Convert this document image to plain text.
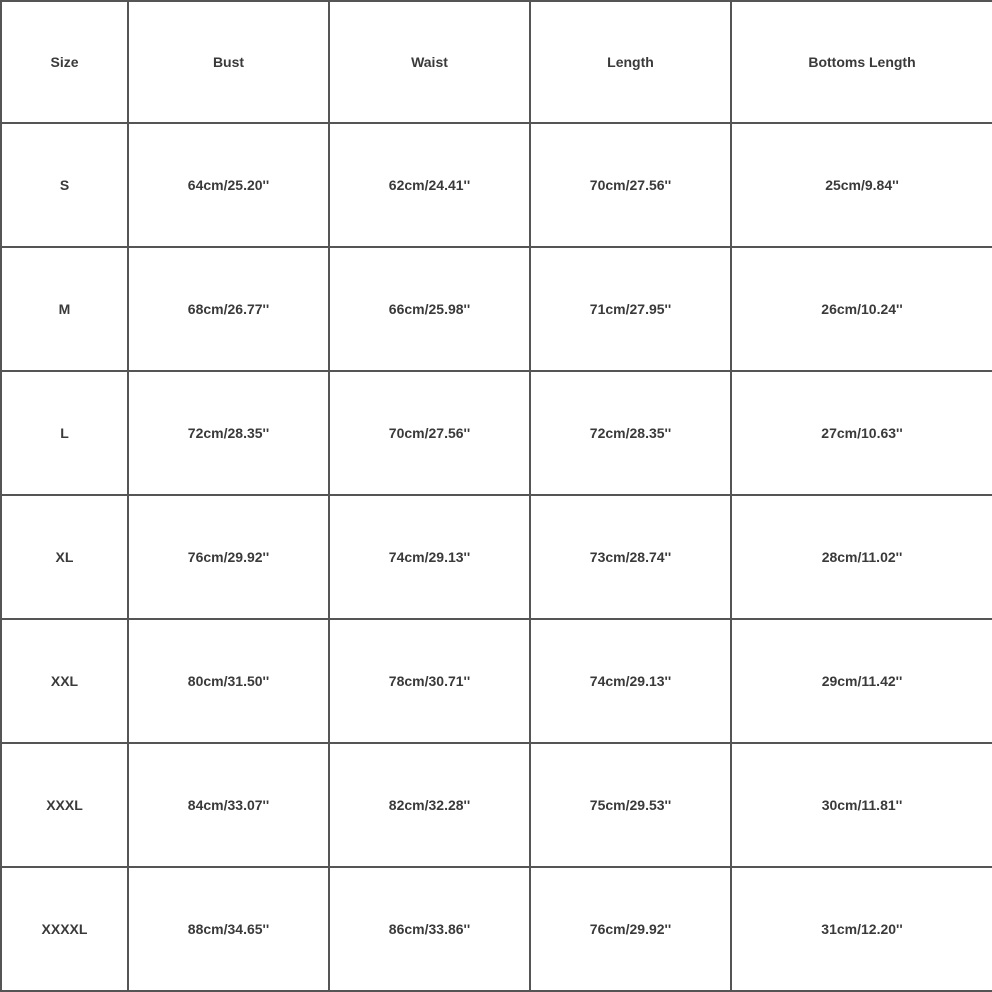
Size	Bust	Waist	Length	Bottoms Length
S	64cm/25.20''	62cm/24.41''	70cm/27.56''	25cm/9.84''
M	68cm/26.77''	66cm/25.98''	71cm/27.95''	26cm/10.24''
L	72cm/28.35''	70cm/27.56''	72cm/28.35''	27cm/10.63''
XL	76cm/29.92''	74cm/29.13''	73cm/28.74''	28cm/11.02''
XXL	80cm/31.50''	78cm/30.71''	74cm/29.13''	29cm/11.42''
XXXL	84cm/33.07''	82cm/32.28''	75cm/29.53''	30cm/11.81''
XXXXL	88cm/34.65''	86cm/33.86''	76cm/29.92''	31cm/12.20''
